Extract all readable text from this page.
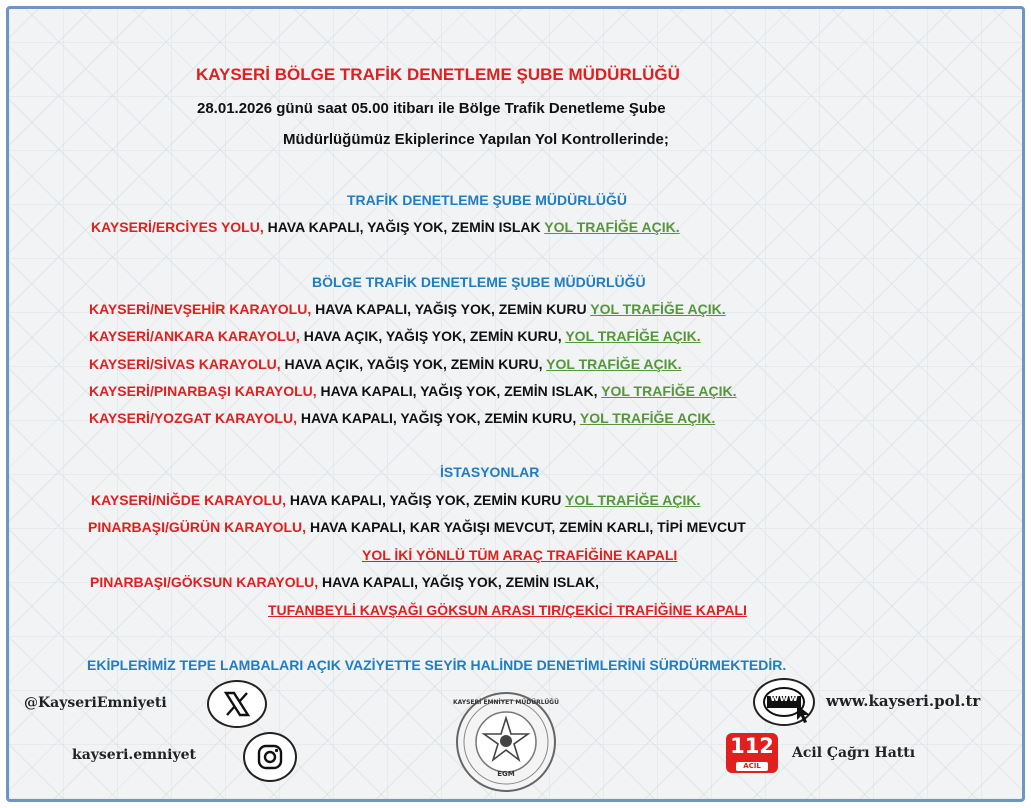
KAYSERİ BÖLGE TRAFİK DENETLEME ŞUBE MÜDÜRLÜĞÜ
28.01.2026 günü saat 05.00 itibarı ile Bölge Trafik Denetleme Şube
Müdürlüğümüz Ekiplerince Yapılan Yol Kontrollerinde;
TRAFİK DENETLEME ŞUBE MÜDÜRLÜĞÜ
KAYSERİ/ERCİYES YOLU, HAVA KAPALI, YAĞIŞ YOK, ZEMİN ISLAK YOL TRAFİĞE AÇIK.
BÖLGE TRAFİK DENETLEME ŞUBE MÜDÜRLÜĞÜ
KAYSERİ/NEVŞEHİR KARAYOLU, HAVA KAPALI, YAĞIŞ YOK, ZEMİN KURU YOL TRAFİĞE AÇIK.
KAYSERİ/ANKARA KARAYOLU, HAVA AÇIK, YAĞIŞ YOK, ZEMİN KURU, YOL TRAFİĞE AÇIK.
KAYSERİ/SİVAS KARAYOLU, HAVA AÇIK, YAĞIŞ YOK, ZEMİN KURU, YOL TRAFİĞE AÇIK.
KAYSERİ/PINARBAŞI KARAYOLU, HAVA KAPALI, YAĞIŞ YOK, ZEMİN ISLAK, YOL TRAFİĞE AÇIK.
KAYSERİ/YOZGAT KARAYOLU, HAVA KAPALI, YAĞIŞ YOK, ZEMİN KURU, YOL TRAFİĞE AÇIK.
İSTASYONLAR
KAYSERİ/NİĞDE KARAYOLU, HAVA KAPALI, YAĞIŞ YOK, ZEMİN KURU YOL TRAFİĞE AÇIK.
PINARBAŞI/GÜRÜN KARAYOLU, HAVA KAPALI, KAR YAĞIŞI MEVCUT, ZEMİN KARLI, TİPİ MEVCUT
YOL İKİ YÖNLÜ TÜM ARAÇ TRAFİĞİNE KAPALI
PINARBAŞI/GÖKSUN KARAYOLU, HAVA KAPALI, YAĞIŞ YOK, ZEMİN ISLAK,
TUFANBEYLİ KAVŞAĞI GÖKSUN ARASI TIR/ÇEKİCİ TRAFİĞİNE KAPALI
EKİPLERİMİZ TEPE LAMBALARI AÇIK VAZİYETTE SEYİR HALİNDE DENETİMLERİNİ SÜRDÜRMEKTEDİR.
@KayseriEmniyeti
kayseri.emniyet
KAYSERİ EMNİYET MÜDÜRLÜĞÜ
EGM
www	www.kayseri.pol.tr
112
ACİL
Acil Çağrı Hattı
